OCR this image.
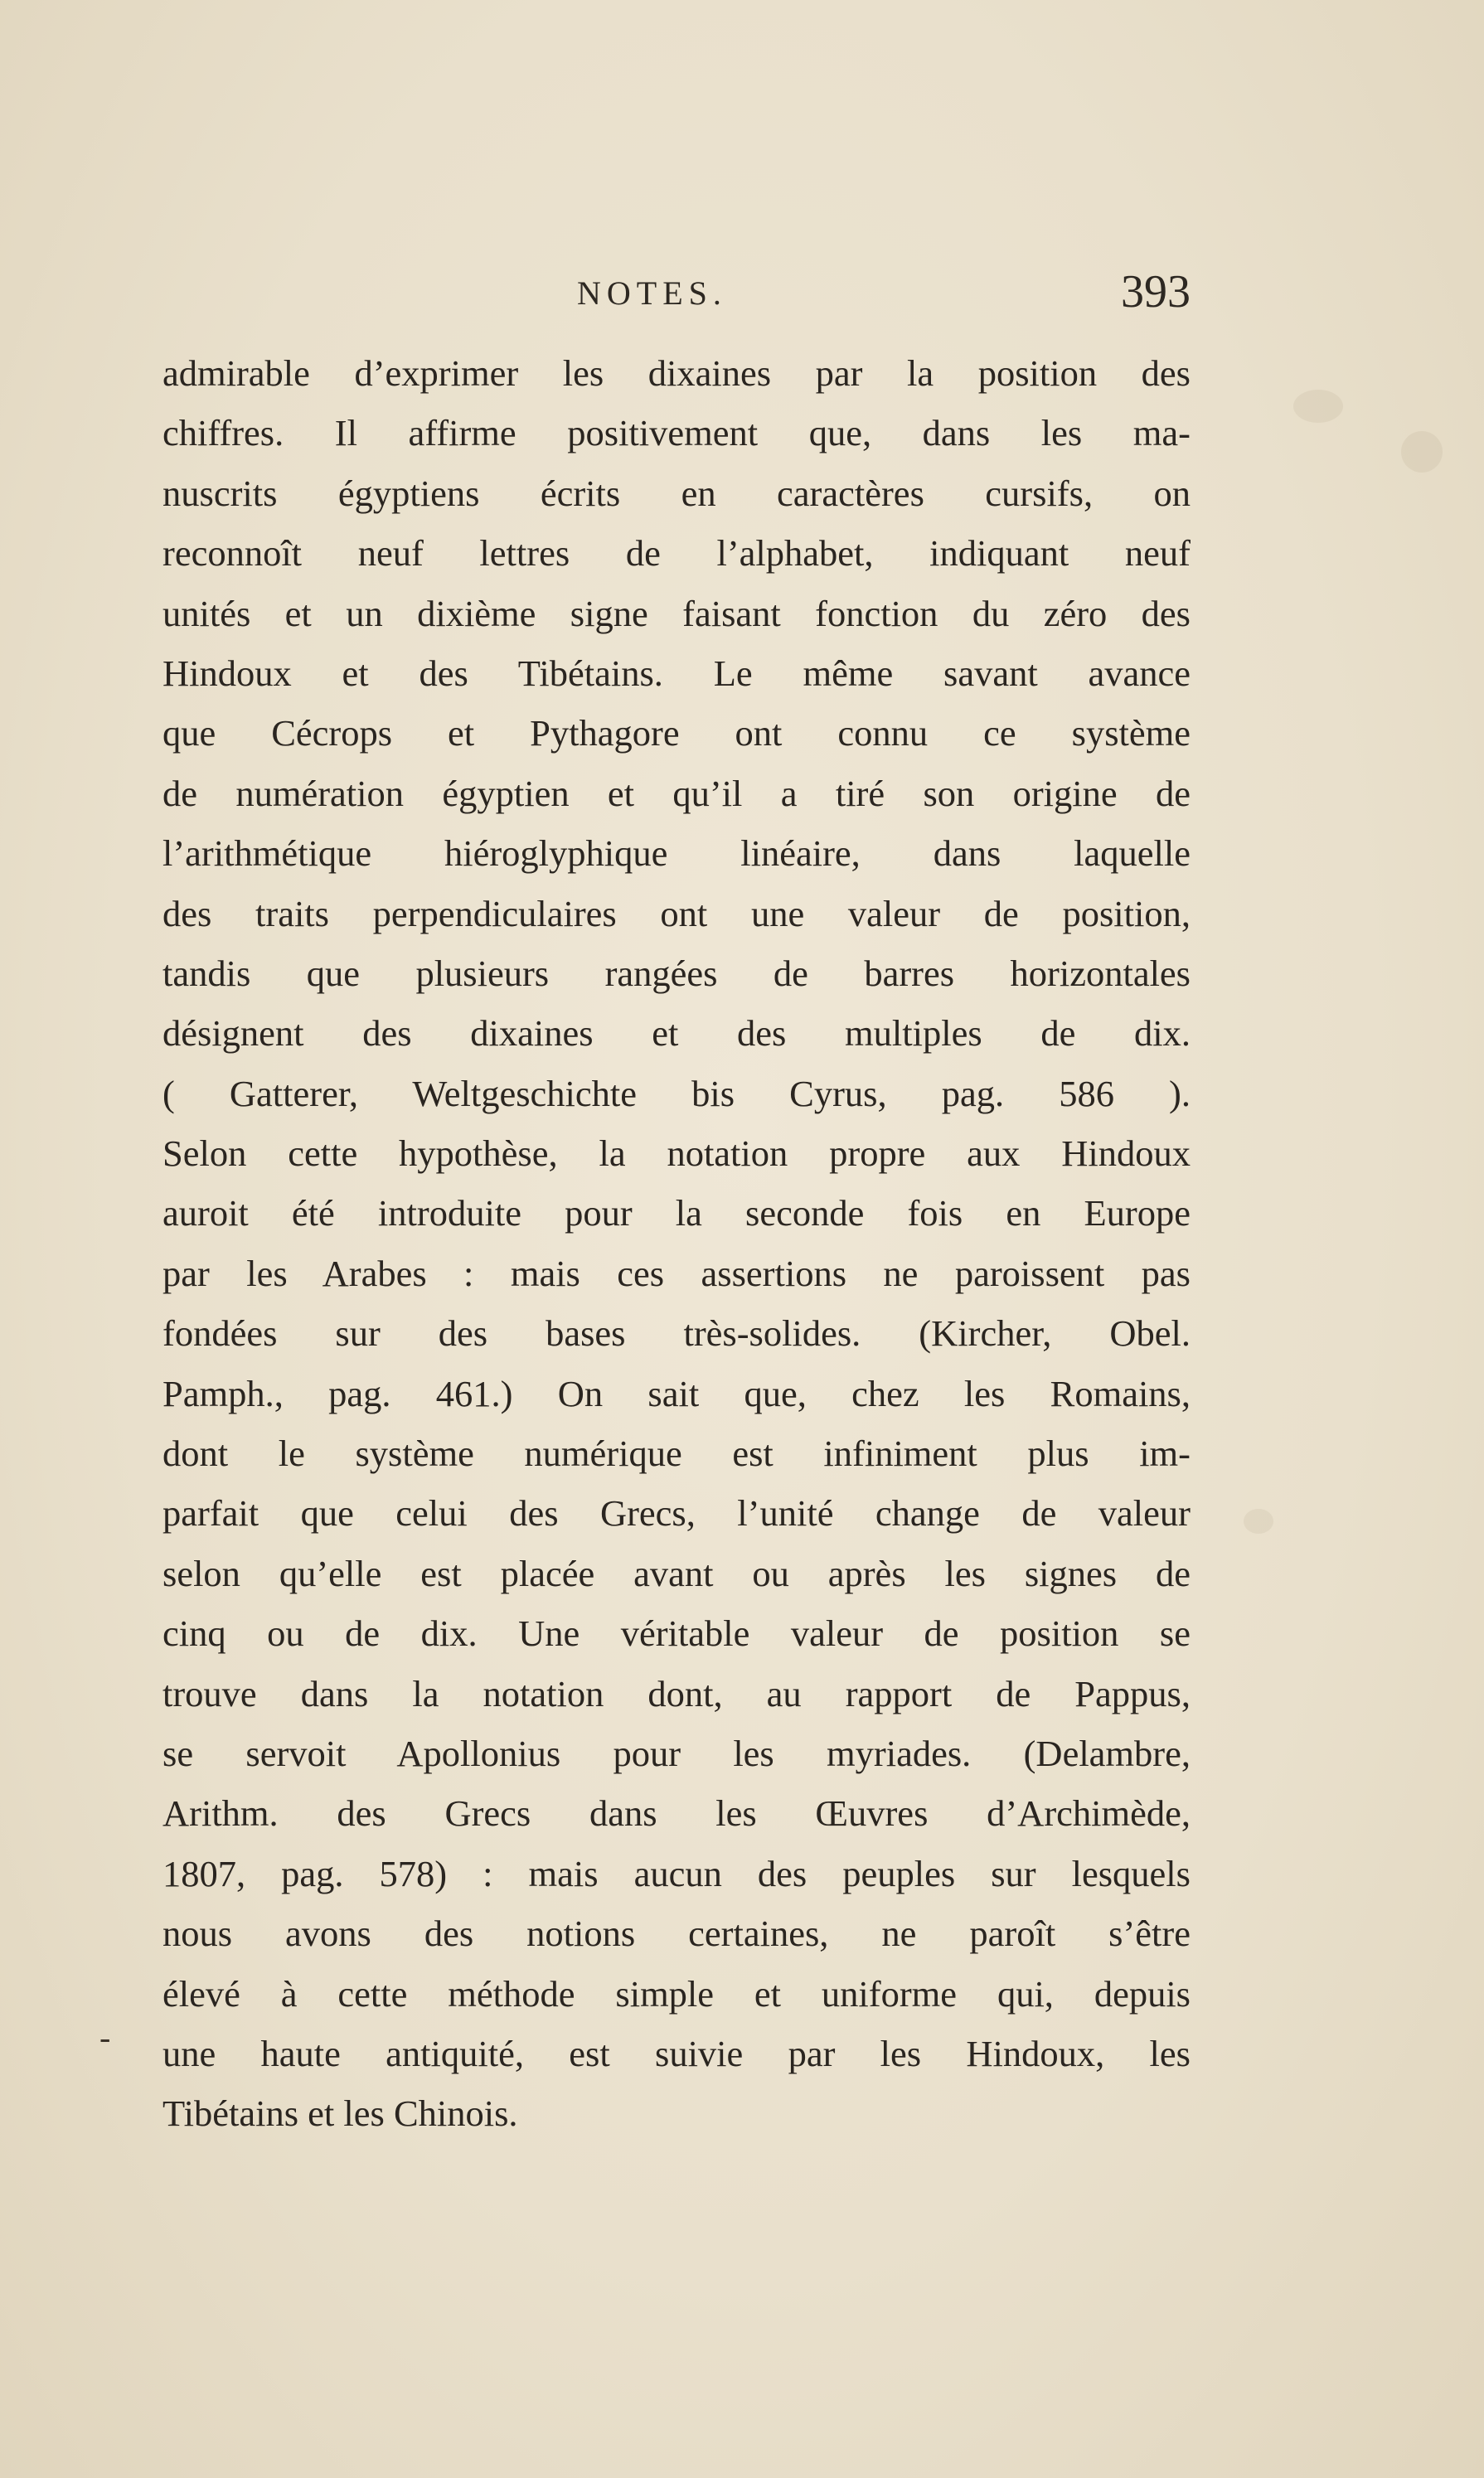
NOTES.	393
-
admirable d’exprimer les dixaines par la position des
chiffres. Il affirme positivement que, dans les ma-
nuscrits égyptiens écrits en caractères cursifs, on
reconnoît neuf lettres de l’alphabet, indiquant neuf
unités et un dixième signe faisant fonction du zéro des
Hindoux et des Tibétains. Le même savant avance
que Cécrops et Pythagore ont connu ce système
de numération égyptien et qu’il a tiré son origine de
l’arithmétique hiéroglyphique linéaire, dans laquelle
des traits perpendiculaires ont une valeur de position,
tandis que plusieurs rangées de barres horizontales
désignent des dixaines et des multiples de dix.
( Gatterer, Weltgeschichte bis Cyrus, pag. 586 ).
Selon cette hypothèse, la notation propre aux Hindoux
auroit été introduite pour la seconde fois en Europe
par les Arabes : mais ces assertions ne paroissent pas
fondées sur des bases très-solides. (Kircher, Obel.
Pamph., pag. 461.) On sait que, chez les Romains,
dont le système numérique est infiniment plus im-
parfait que celui des Grecs, l’unité change de valeur
selon qu’elle est placée avant ou après les signes de
cinq ou de dix. Une véritable valeur de position se
trouve dans la notation dont, au rapport de Pappus,
se servoit Apollonius pour les myriades. (Delambre,
Arithm. des Grecs dans les Œuvres d’Archimède,
1807, pag. 578) : mais aucun des peuples sur lesquels
nous avons des notions certaines, ne paroît s’être
élevé à cette méthode simple et uniforme qui, depuis
une haute antiquité, est suivie par les Hindoux, les
Tibétains et les Chinois.
